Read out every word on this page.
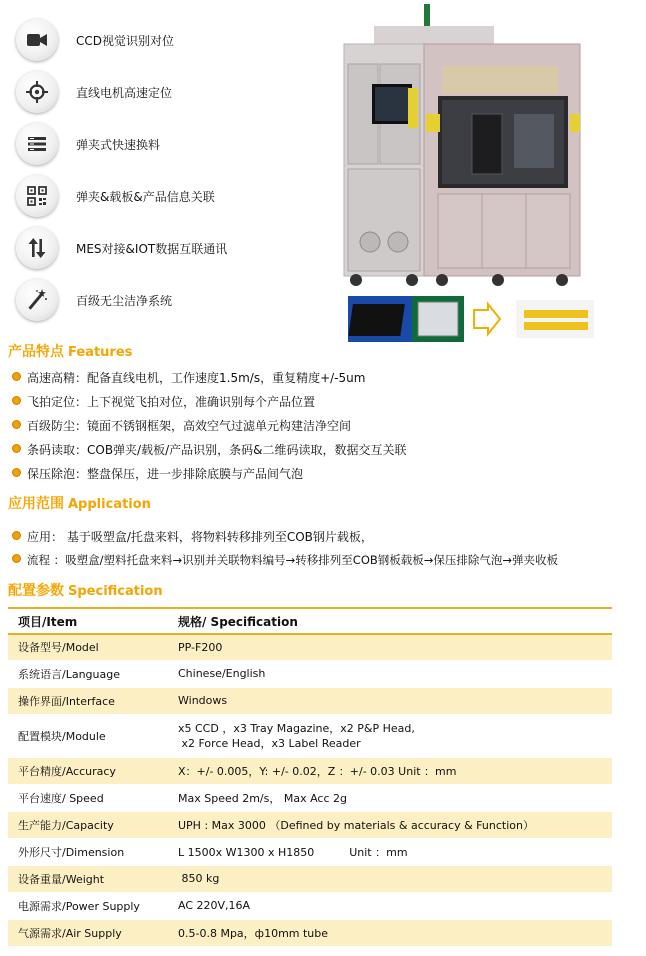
CCD视觉识别对位
直线电机高速定位
弹夹式快速换料
弹夹&载板&产品信息关联
MES对接&IOT数据互联通讯
百级无尘洁净系统
产品特点 Features
高速高精：配备直线电机，工作速度1.5m/s，重复精度+/-5um
飞拍定位：上下视觉飞拍对位，准确识别每个产品位置
百级防尘：镜面不锈钢框架，高效空气过滤单元构建洁净空间
条码读取：COB弹夹/载板/产品识别，条码&二维码读取，数据交互关联
保压除泡：整盘保压，进一步排除底膜与产品间气泡
应用范围 Application
应用： 基于吸塑盒/托盘来料，将物料转移排列至COB钢片载板，
流程 ：吸塑盒/塑料托盘来料→识别并关联物料编号→转移排列至COB钢板载板→保压排除气泡→弹夹收板
配置参数 Specification
项目/Item	规格/ Specification
设备型号/Model	PP-F200
系统语言/Language	Chinese/English
操作界面/Interface	Windows
配置模块/Module	x5 CCD ，x3 Tray Magazine，x2 P&P Head,
x2 Force Head，x3 Label Reader

平台精度/Accuracy	X：+/- 0.005，Y: +/- 0.02，Z ：+/- 0.03 Unit ：mm
平台速度/ Speed	Max Speed 2m/s， Max Acc 2g
生产能力/Capacity	UPH : Max 3000 （Defined by materials & accuracy & Function）
外形尺寸/Dimension	L 1500x W1300 x H1850          Unit ：mm
设备重量/Weight	850 kg
电源需求/Power Supply	AC 220V,16A
气源需求/Air Supply	0.5-0.8 Mpa，ф10mm tube
